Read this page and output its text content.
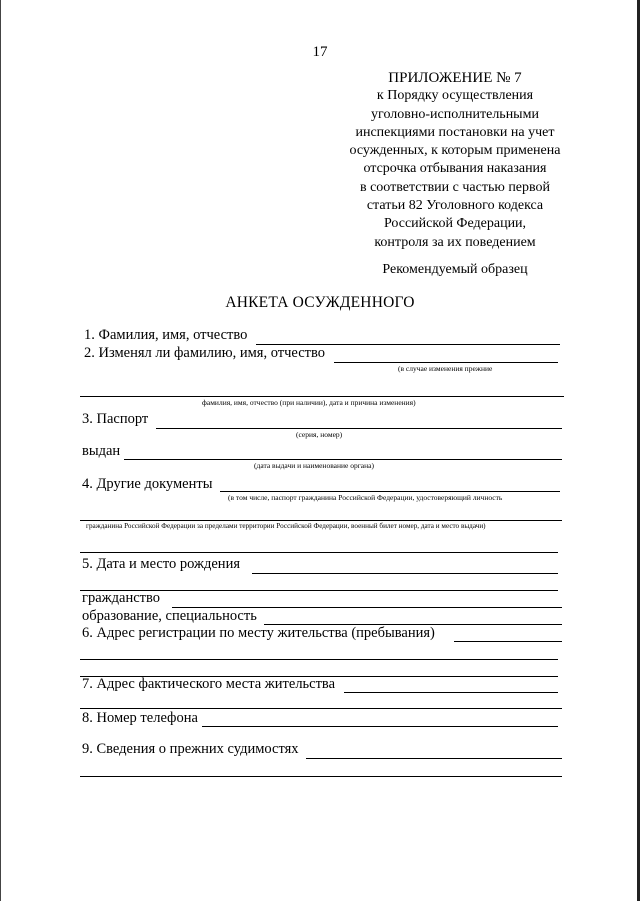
17
ПРИЛОЖЕНИЕ № 7
к Порядку осуществления
уголовно-исполнительными
инспекциями постановки на учет
осужденных, к которым применена
отсрочка отбывания наказания
в соответствии с частью первой
статьи 82 Уголовного кодекса
Российской Федерации,
контроля за их поведением
Рекомендуемый образец
АНКЕТА ОСУЖДЕННОГО
1. Фамилия, имя, отчество
2. Изменял ли фамилию, имя, отчество
(в случае изменения прежние
фамилия, имя, отчество (при наличии), дата и причина изменения)
3. Паспорт
(серия, номер)
выдан
(дата выдачи и наименование органа)
4. Другие документы
(в том числе, паспорт гражданина Российской Федерации, удостоверяющий личность
гражданина Российской Федерации за пределами территории Российской Федерации, военный билет номер, дата и место выдачи)
5. Дата и место рождения
гражданство
образование, специальность
6. Адрес регистрации по месту жительства (пребывания)
7. Адрес фактического места жительства
8. Номер телефона
9. Сведения о прежних судимостях
